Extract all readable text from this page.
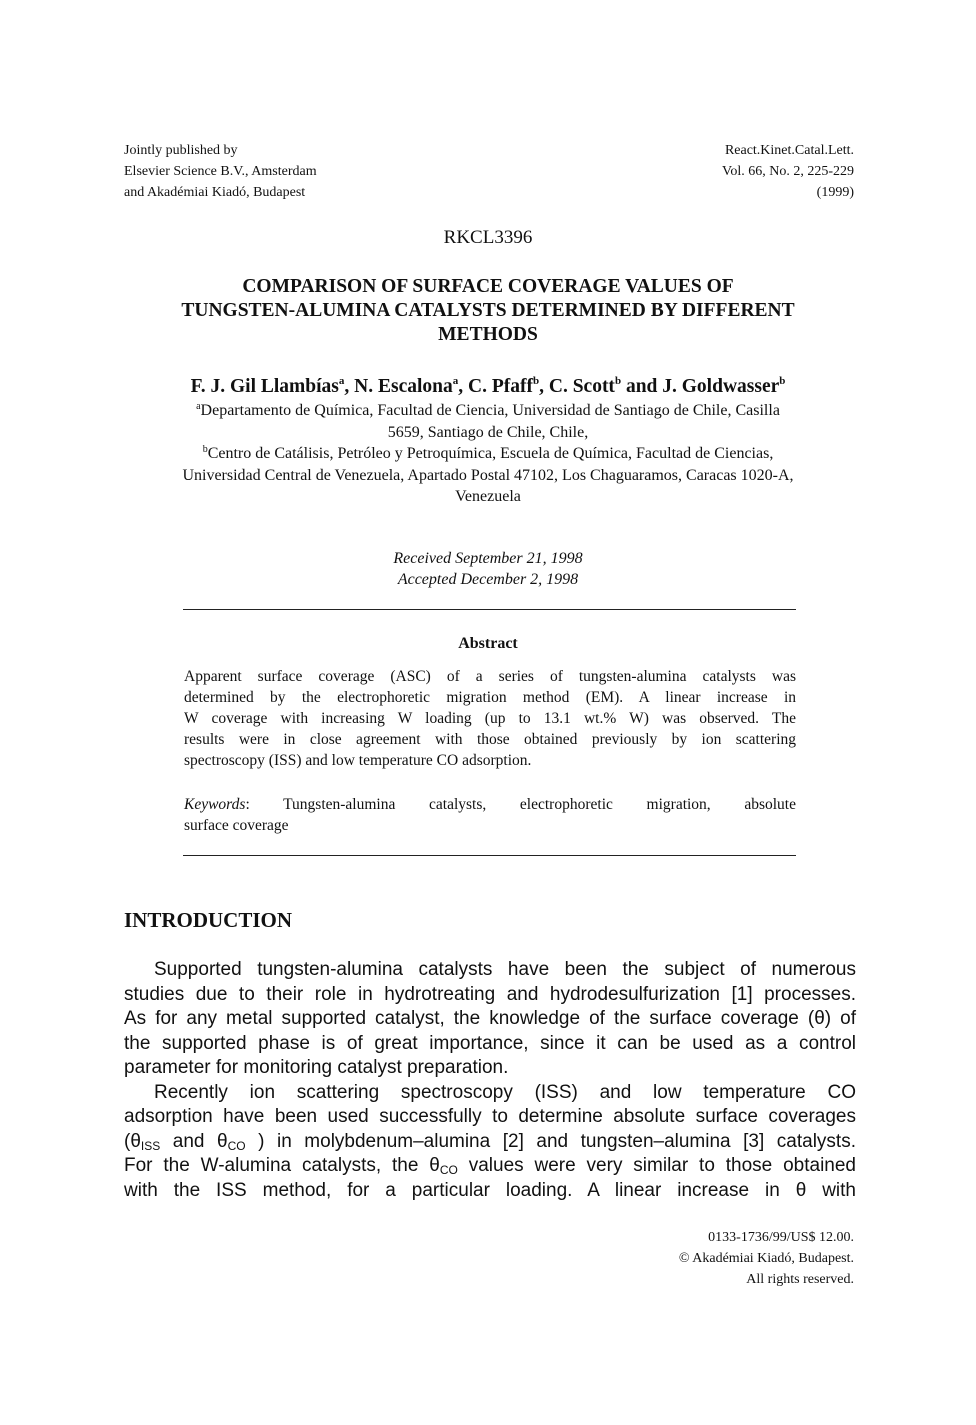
Jointly published by
Elsevier Science B.V., Amsterdam
and Akadémiai Kiadó, Budapest
React.Kinet.Catal.Lett.
Vol. 66, No. 2, 225-229
(1999)
RKCL3396
COMPARISON OF SURFACE COVERAGE VALUES OF
TUNGSTEN-ALUMINA CATALYSTS DETERMINED BY DIFFERENT
METHODS
F. J. Gil Llambías$^a$, N. Escalona$^a$, C. Pfaff$^b$, C. Scott$^b$ and J. Goldwasser$^b$
$^a$Departamento de Química, Facultad de Ciencia, Universidad de Santiago de Chile, Casilla
5659, Santiago de Chile, Chile,
$^b$Centro de Catálisis, Petróleo y Petroquímica, Escuela de Química, Facultad de Ciencias,
Universidad Central de Venezuela, Apartado Postal 47102, Los Chaguaramos, Caracas 1020-A,
Venezuela
Received September 21, 1998
Accepted December 2, 1998
Abstract
Apparent surface coverage (ASC) of a series of tungsten-alumina catalysts was
determined by the electrophoretic migration method (EM). A linear increase in
W coverage with increasing W loading (up to 13.1 wt.% W) was observed. The
results were in close agreement with those obtained previously by ion scattering
spectroscopy (ISS) and low temperature CO adsorption.
Keywords: Tungsten-alumina catalysts, electrophoretic migration, absolute
surface coverage
INTRODUCTION
Supported tungsten-alumina catalysts have been the subject of numerous
studies due to their role in hydrotreating and hydrodesulfurization [1] processes.
As for any metal supported catalyst, the knowledge of the surface coverage (θ) of
the supported phase is of great importance, since it can be used as a control
parameter for monitoring catalyst preparation.
Recently ion scattering spectroscopy (ISS) and low temperature CO
adsorption have been used successfully to determine absolute surface coverages
($\theta_{ISS}$ and $\theta_{CO}$ ) in molybdenum–alumina [2] and tungsten–alumina [3] catalysts.
For the W-alumina catalysts, the $\theta_{CO}$ values were very similar to those obtained
with the ISS method, for a particular loading. A linear increase in θ with
0133-1736/99/US$ 12.00.
© Akadémiai Kiadó, Budapest.
All rights reserved.
